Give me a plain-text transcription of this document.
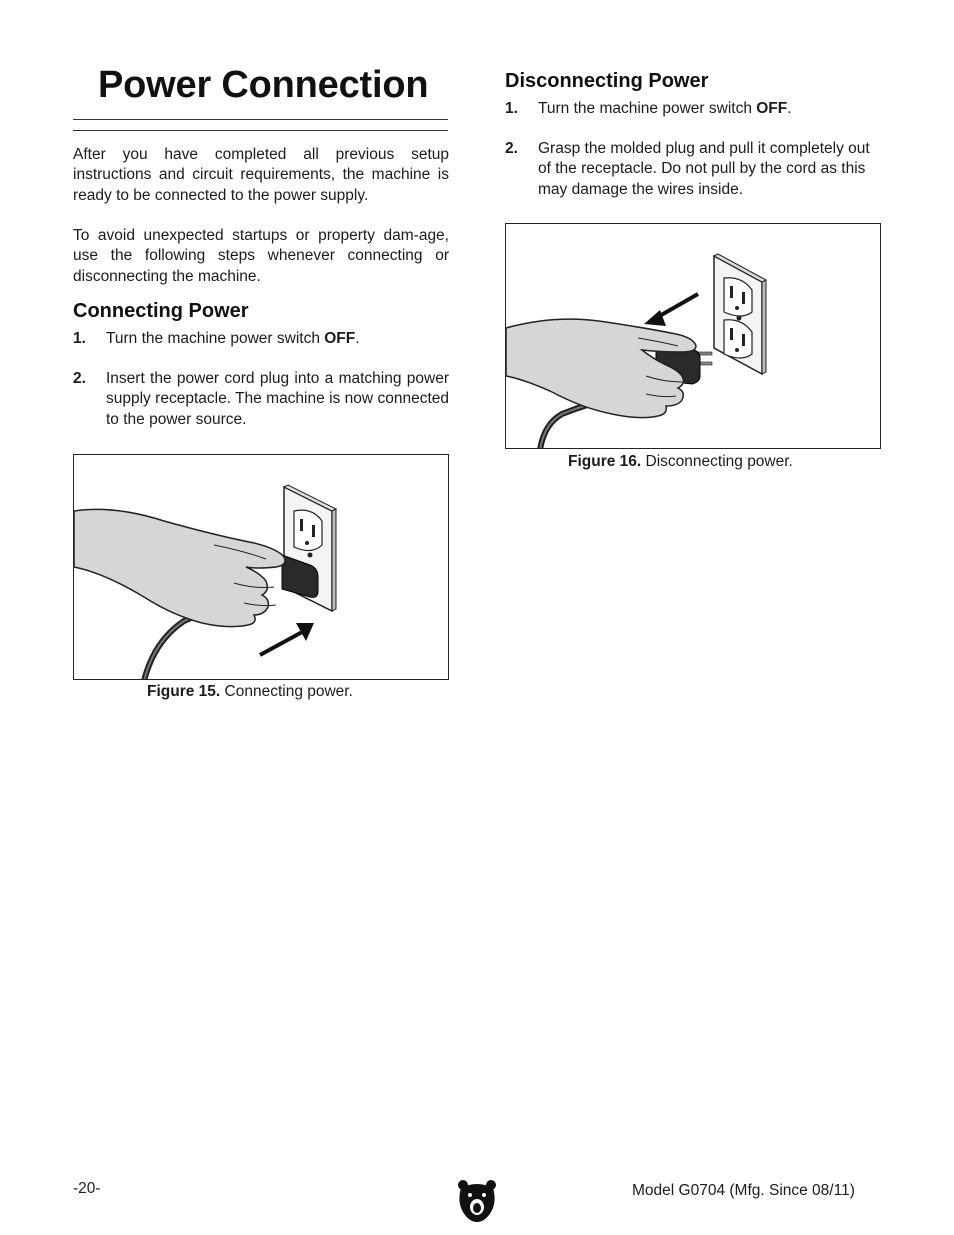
Power Connection
After you have completed all previous setup instructions and circuit requirements, the machine is ready to be connected to the power supply.
To avoid unexpected startups or property dam-age, use the following steps whenever connecting or disconnecting the machine.
Connecting Power
1. Turn the machine power switch OFF.
2. Insert the power cord plug into a matching power supply receptacle. The machine is now connected to the power source.
Figure 15. Connecting power.
Disconnecting Power
1. Turn the machine power switch OFF.
2. Grasp the molded plug and pull it completely out of the receptacle. Do not pull by the cord as this may damage the wires inside.
Figure 16. Disconnecting power.
-20-	Model G0704 (Mfg. Since 08/11)
